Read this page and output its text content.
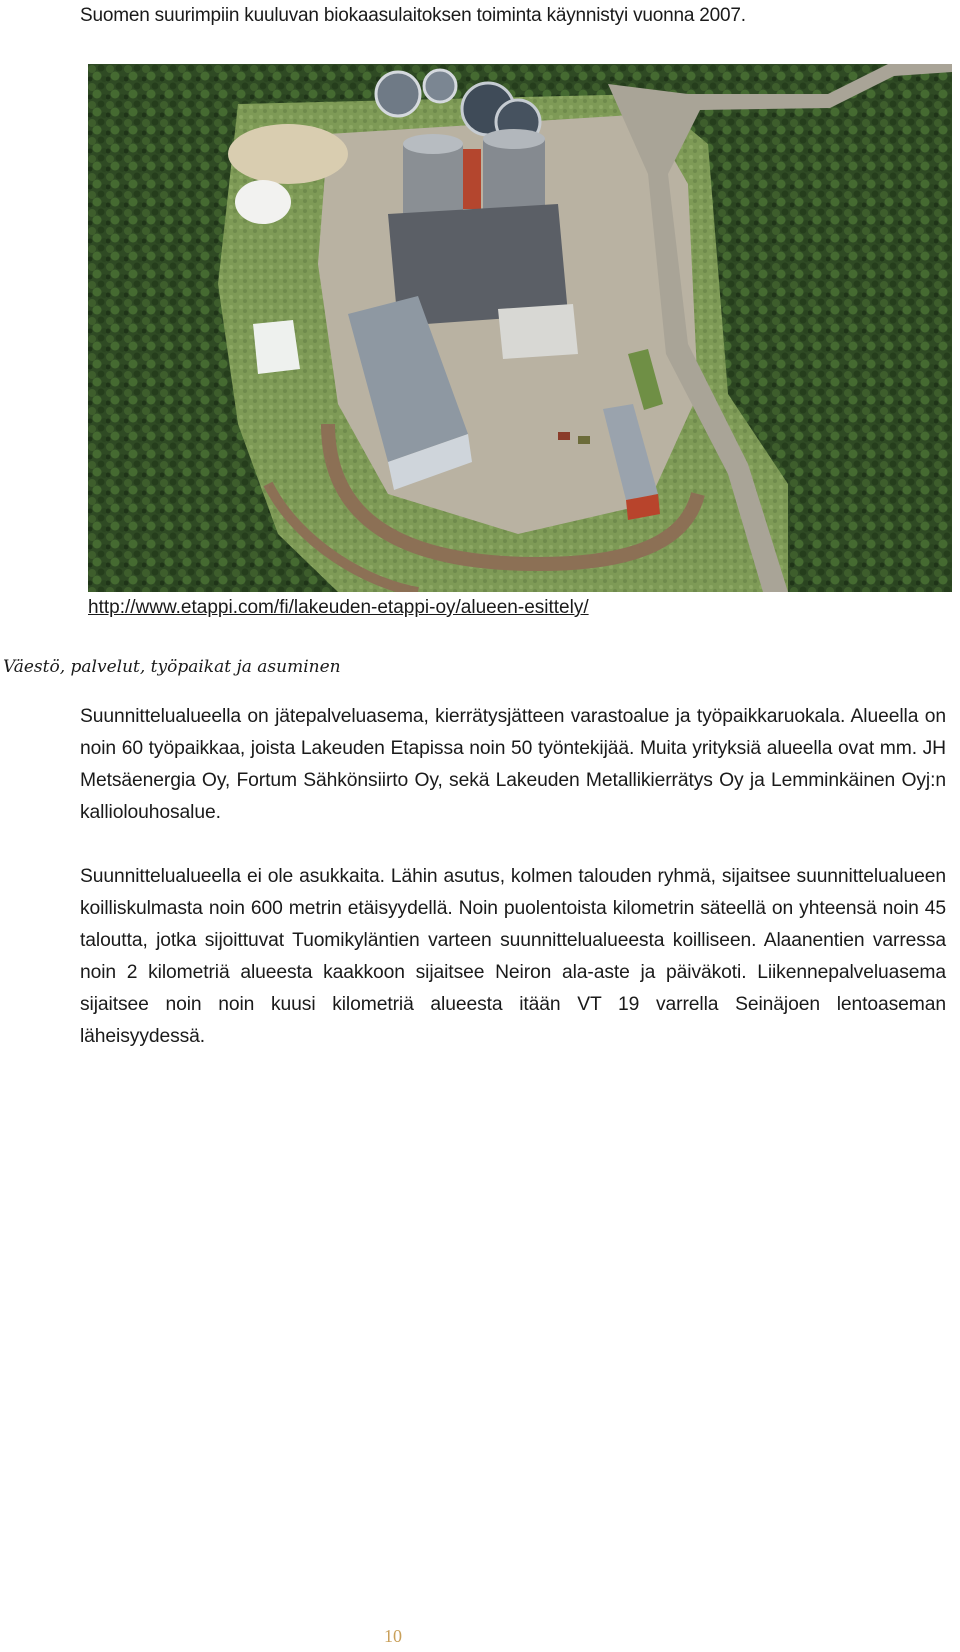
Suomen suurimpiin kuuluvan biokaasulaitoksen toiminta käynnistyi vuonna 2007.
http://www.etappi.com/fi/lakeuden-etappi-oy/alueen-esittely/
Väestö, palvelut, työpaikat ja asuminen

Suunnittelualueella on jätepalveluasema, kierrätysjätteen varastoalue ja työpaikkaruokala. Alueella on noin 60 työpaikkaa, joista Lakeuden Etapissa noin 50 työntekijää. Muita yrityksiä alueella ovat mm. JH Metsäenergia Oy, Fortum Sähkönsiirto Oy, sekä Lakeuden Metallikierrätys Oy ja Lemminkäinen Oyj:n kalliolouhosalue.

Suunnittelualueella ei ole asukkaita. Lähin asutus, kolmen talouden ryhmä, sijaitsee suunnittelualueen koilliskulmasta noin 600 metrin etäisyydellä. Noin puolentoista kilometrin säteellä on yhteensä noin 45 taloutta, jotka sijoittuvat Tuomikyläntien varteen suunnittelualueesta koilliseen. Alaanentien varressa noin 2 kilometriä alueesta kaakkoon sijaitsee Neiron ala-aste ja päiväkoti. Liikennepalveluasema sijaitsee noin noin kuusi kilometriä alueesta itään VT 19 varrella Seinäjoen lentoaseman läheisyydessä.

10
